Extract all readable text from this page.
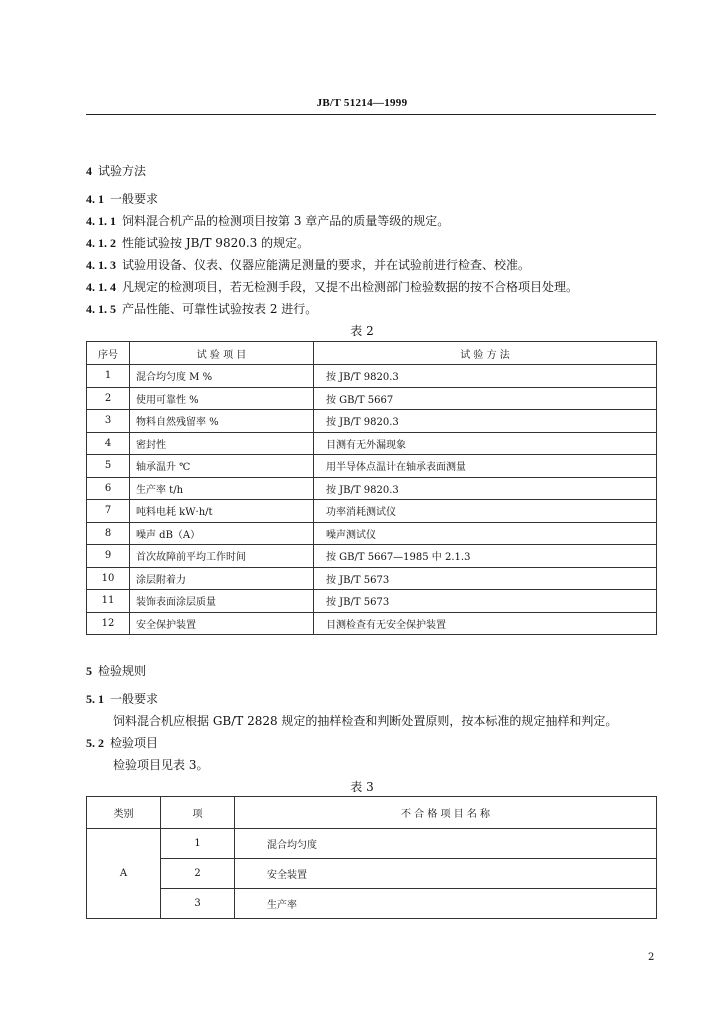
JB/T 51214—1999
4 试验方法
4. 1 一般要求
4. 1. 1 饲料混合机产品的检测项目按第 3 章产品的质量等级的规定。
4. 1. 2 性能试验按 JB/T 9820.3 的规定。
4. 1. 3 试验用设备、仪表、仪器应能满足测量的要求，并在试验前进行检查、校准。
4. 1. 4 凡规定的检测项目，若无检测手段，又提不出检测部门检验数据的按不合格项目处理。
4. 1. 5 产品性能、可靠性试验按表 2 进行。
表 2
序号	试 验 项 目	试 验 方 法
1	混合均匀度 M %	按 JB/T 9820.3
2	使用可靠性 %	按 GB/T 5667
3	物料自然残留率 %	按 JB/T 9820.3
4	密封性	目测有无外漏现象
5	轴承温升 ℃	用半导体点温计在轴承表面测量
6	生产率 t/h	按 JB/T 9820.3
7	吨料电耗 kW·h/t	功率消耗测试仪
8	噪声 dB（A）	噪声测试仪
9	首次故障前平均工作时间	按 GB/T 5667—1985 中 2.1.3
10	涂层附着力	按 JB/T 5673
11	装饰表面涂层质量	按 JB/T 5673
12	安全保护装置	目测检查有无安全保护装置
5 检验规则
5. 1 一般要求
饲料混合机应根据 GB/T 2828 规定的抽样检查和判断处置原则，按本标准的规定抽样和判定。
5. 2 检验项目
检验项目见表 3。
表 3
类别	项	不 合 格 项 目 名 称
A	1	混合均匀度
	2	安全装置
	3	生产率
2
